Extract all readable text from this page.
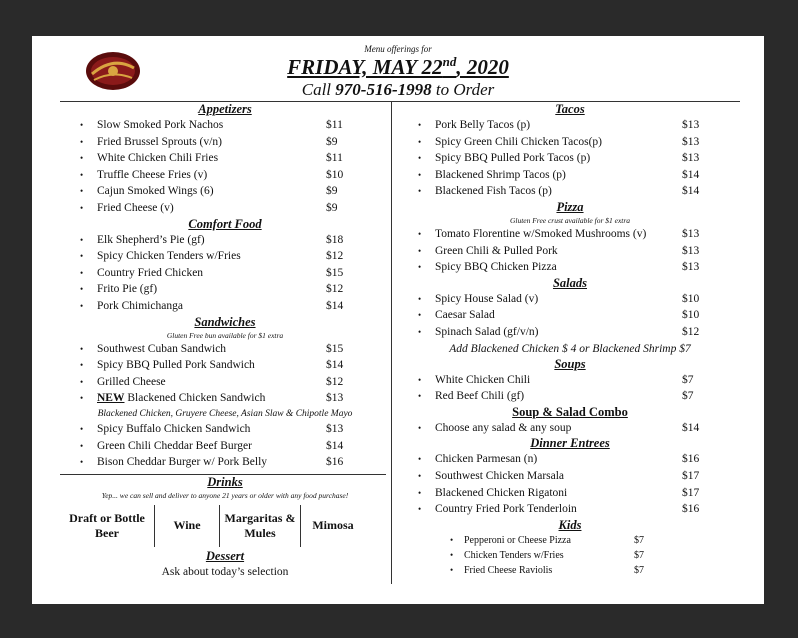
Menu offerings for
FRIDAY, MAY 22nd, 2020
Call 970-516-1998 to Order
Appetizers
• Slow Smoked Pork Nachos	$11
• Fried Brussel Sprouts (v/n)	$9
• White Chicken Chili Fries	$11
• Truffle Cheese Fries (v)	$10
• Cajun Smoked Wings (6)	$9
• Fried Cheese (v)	$9
Comfort Food
• Elk Shepherd’s Pie (gf)	$18
• Spicy Chicken Tenders w/Fries	$12
• Country Fried Chicken	$15
• Frito Pie (gf)	$12
• Pork Chimichanga	$14
Sandwiches
Gluten Free bun available for $1 extra
• Southwest Cuban Sandwich	$15
• Spicy BBQ Pulled Pork Sandwich	$14
• Grilled Cheese	$12
• NEW Blackened Chicken Sandwich	$13
Blackened Chicken, Gruyere Cheese, Asian Slaw & Chipotle Mayo
• Spicy Buffalo Chicken Sandwich	$13
• Green Chili Cheddar Beef Burger	$14
• Bison Cheddar Burger w/ Pork Belly	$16
Drinks
Yep... we can sell and deliver to anyone 21 years or older with any food purchase!
Draft or Bottle Beer
Wine
Margaritas & Mules
Mimosa
Dessert
Ask about today’s selection
Tacos
• Pork Belly Tacos (p)	$13
• Spicy Green Chili Chicken Tacos(p)	$13
• Spicy BBQ Pulled Pork Tacos (p)	$13
• Blackened Shrimp Tacos (p)	$14
• Blackened Fish Tacos (p)	$14
Pizza
Gluten Free crust available for $1 extra
• Tomato Florentine w/Smoked Mushrooms (v)	$13
• Green Chili & Pulled Pork	$13
• Spicy BBQ Chicken Pizza	$13
Salads
• Spicy House Salad (v)	$10
• Caesar Salad	$10
• Spinach Salad (gf/v/n)	$12
Add Blackened Chicken $ 4 or Blackened Shrimp $7
Soups
• White Chicken Chili	$7
• Red Beef Chili (gf)	$7
Soup & Salad Combo
• Choose any salad & any soup	$14
Dinner Entrees
• Chicken Parmesan (n)	$16
• Southwest Chicken Marsala	$17
• Blackened Chicken Rigatoni	$17
• Country Fried Pork Tenderloin	$16
Kids
• Pepperoni or Cheese Pizza	$7
• Chicken Tenders w/Fries	$7
• Fried Cheese Raviolis	$7
